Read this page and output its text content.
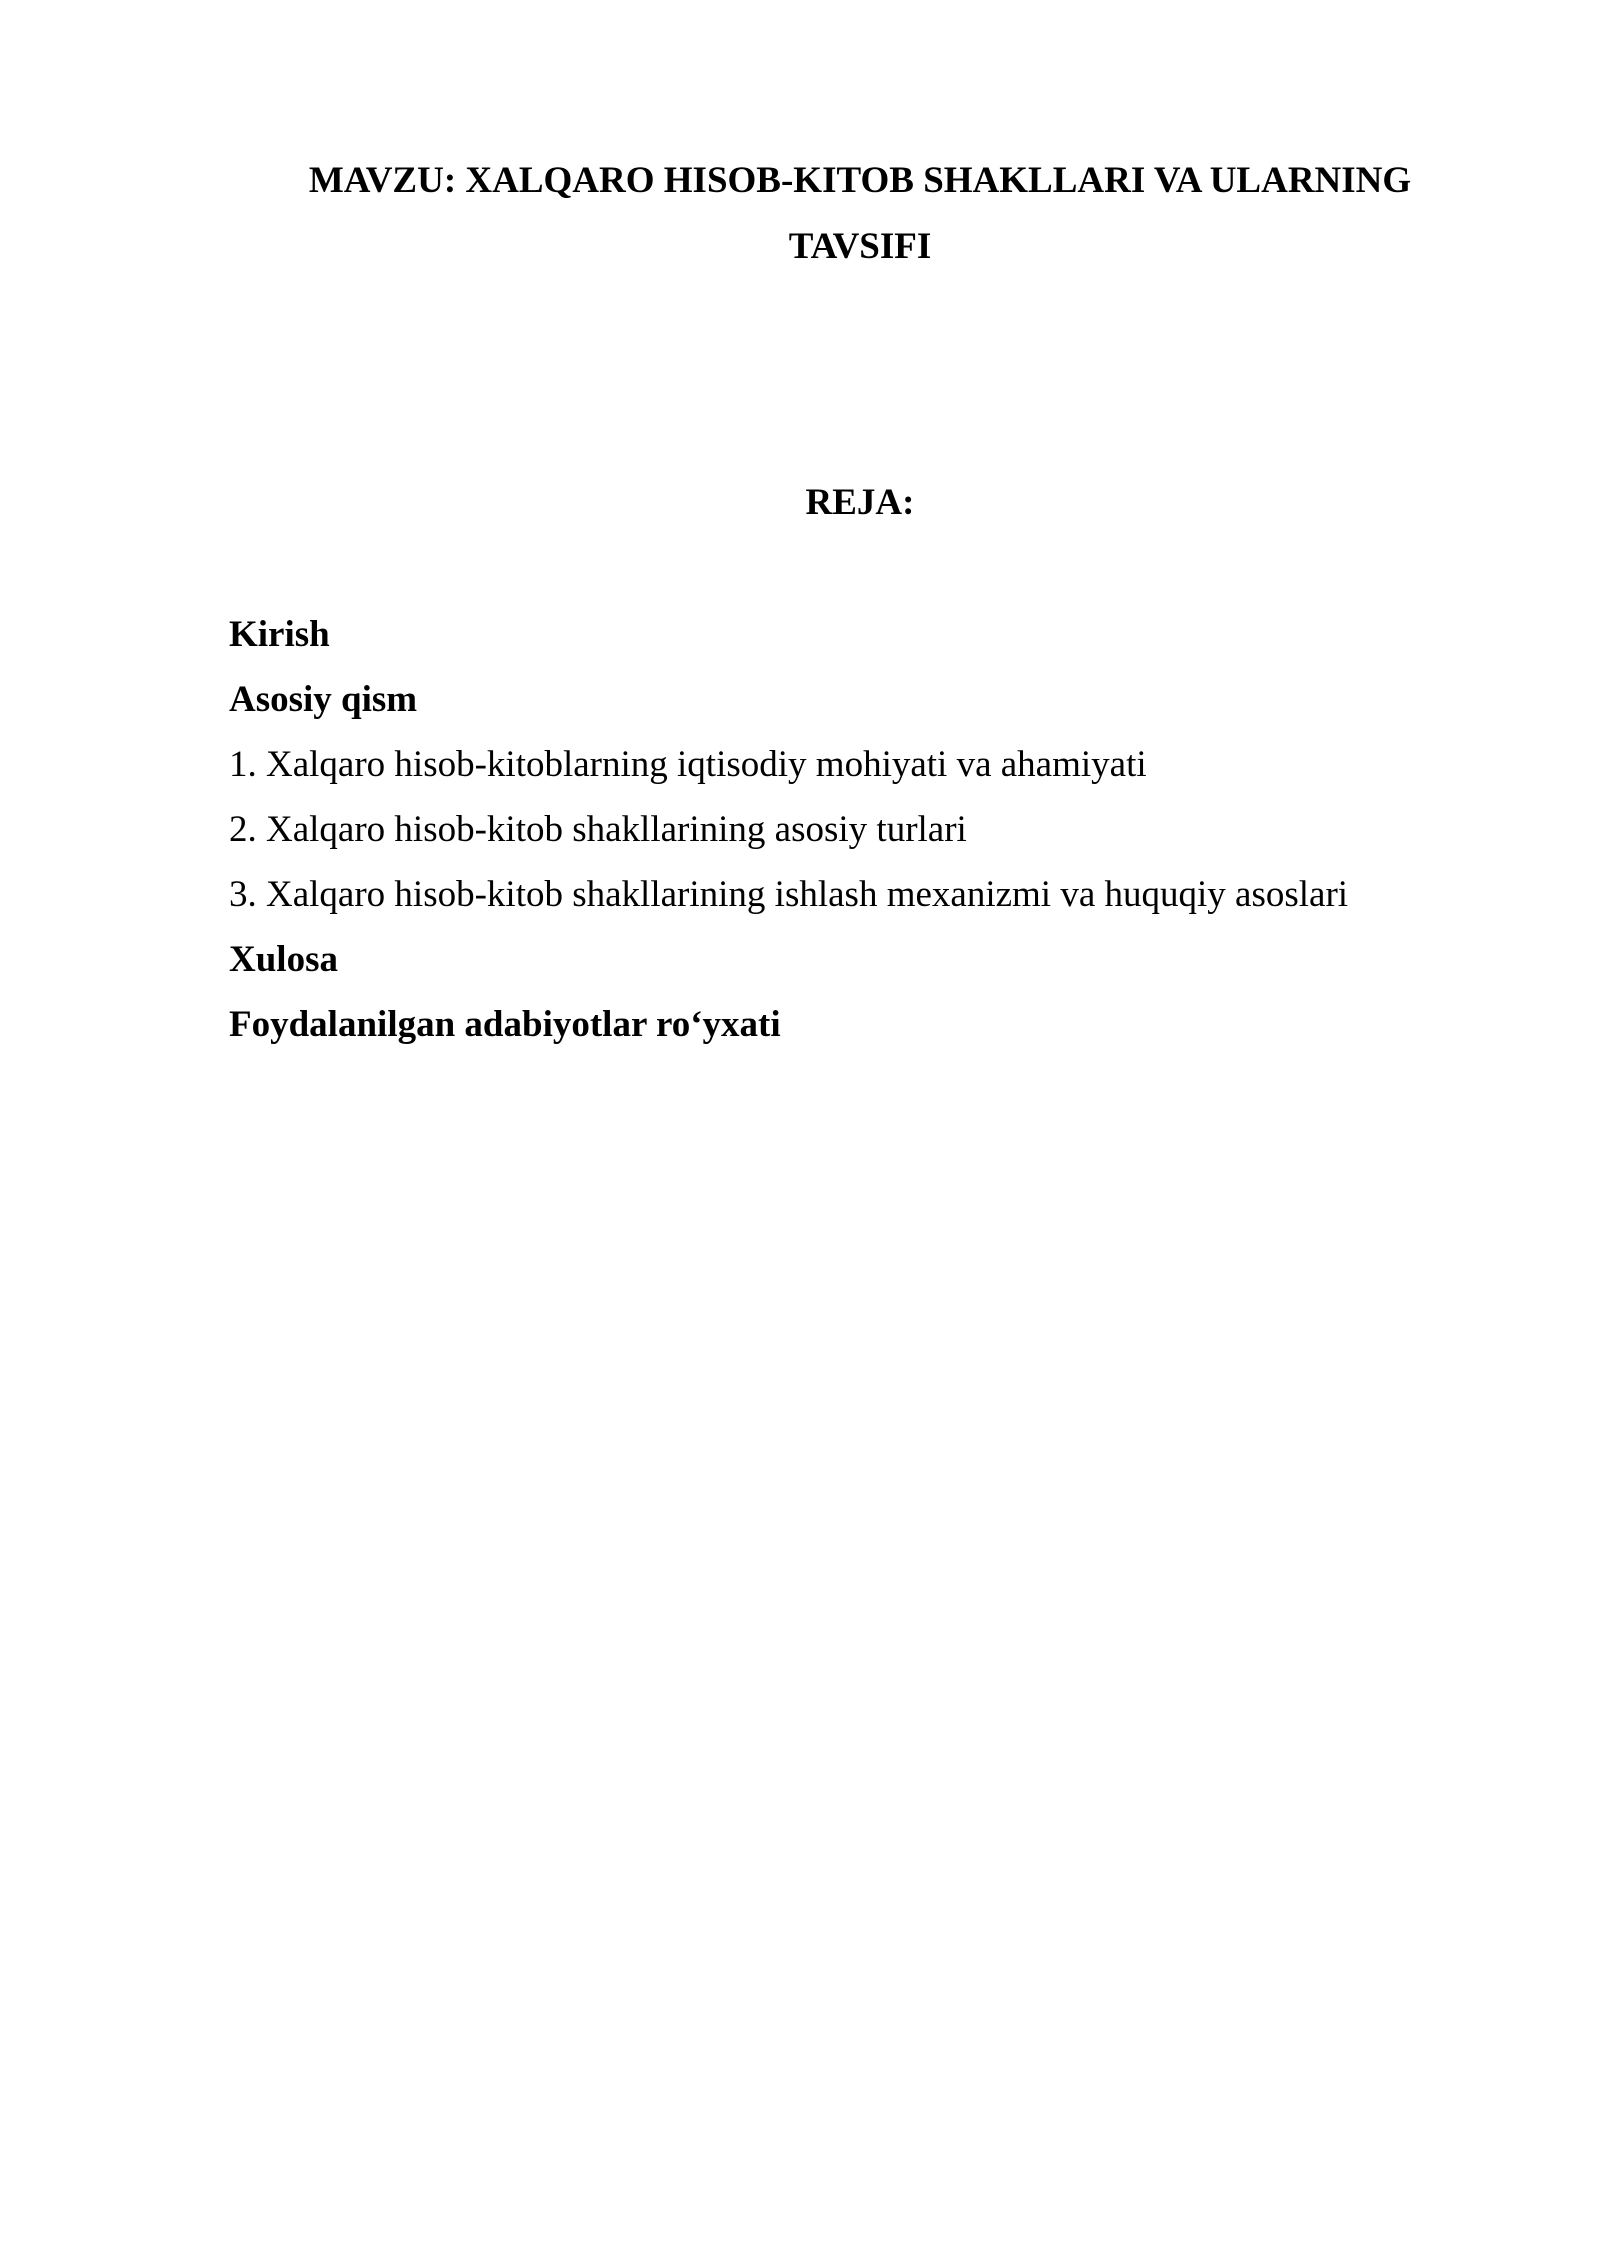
MAVZU: XALQARO HISOB-KITOB SHAKLLARI VA ULARNING
TAVSIFI
REJA:
Kirish
Asosiy qism
1. Xalqaro hisob-kitoblarning iqtisodiy mohiyati va ahamiyati
2. Xalqaro hisob-kitob shakllarining asosiy turlari
3. Xalqaro hisob-kitob shakllarining ishlash mexanizmi va huquqiy asoslari
Xulosa
Foydalanilgan adabiyotlar ro‘yxati
